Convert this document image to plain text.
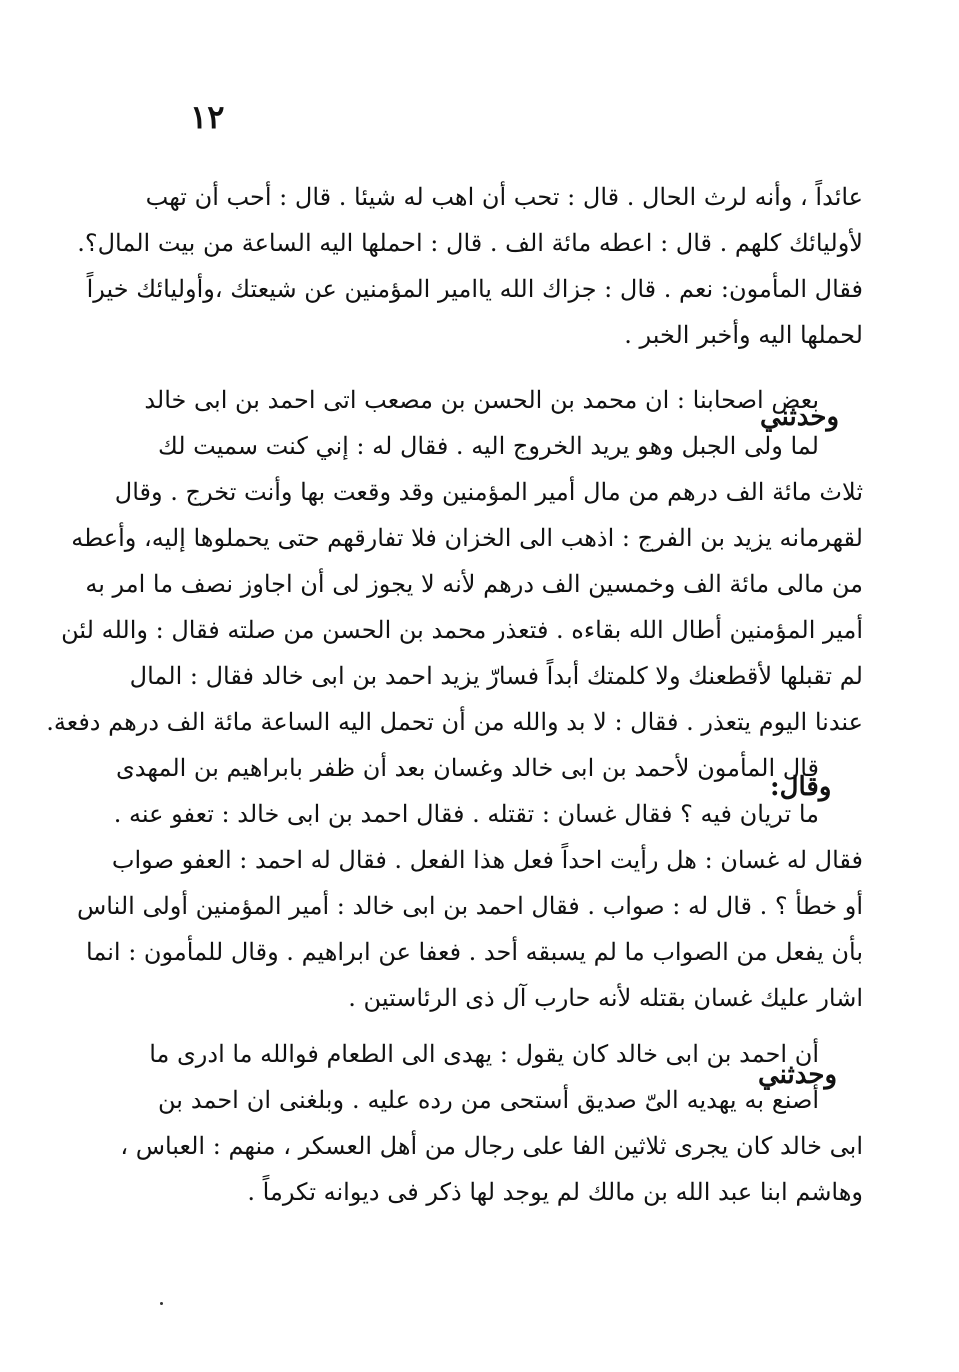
١٢
عائداً ، وأنه لرث الحال . قال : تحب أن اهب له شيئا . قال : أحب أن تهب
لأوليائك كلهم . قال : اعطه مائة الف . قال : احملها اليه الساعة من بيت المال؟.
فقال المأمون: نعم . قال : جزاك الله ياامير المؤمنين عن شيعتك ،وأوليائك خيراً
لحملها اليه وأخبر الخبر .
وحدثني
بعض اصحابنا : ان محمد بن الحسن بن مصعب اتى احمد بن ابى خالد
لما ولى الجبل وهو يريد الخروج اليه . فقال له : إني كنت سميت لك
ثلاث مائة الف درهم من مال أمير المؤمنين وقد وقعت بها وأنت تخرج . وقال
لقهرمانه يزيد بن الفرج : اذهب الى الخزان فلا تفارقهم حتى يحملوها إليه، وأعطه
من مالى مائة الف وخمسين الف درهم لأنه لا يجوز لى أن اجاوز نصف ما امر به
أمير المؤمنين أطال الله بقاءه . فتعذر محمد بن الحسن من صلته فقال : والله لئن
لم تقبلها لأقطعنك ولا كلمتك أبداً فسارّ يزيد احمد بن ابى خالد فقال : المال
عندنا اليوم يتعذر . فقال : لا بد والله من أن تحمل اليه الساعة مائة الف درهم دفعة.
وقال:
قال المأمون لأحمد بن ابى خالد وغسان بعد أن ظفر بابراهيم بن المهدى
ما تريان فيه ؟ فقال غسان : تقتله . فقال احمد بن ابى خالد : تعفو عنه .
فقال له غسان : هل رأيت احداً فعل هذا الفعل . فقال له احمد : العفو صواب
أو خطأ ؟ . قال له : صواب . فقال احمد بن ابى خالد : أمير المؤمنين أولى الناس
بأن يفعل من الصواب ما لم يسبقه أحد . فعفا عن ابراهيم . وقال للمأمون : انما
اشار عليك غسان بقتله لأنه حارب آل ذى الرئاستين .
وحدثني
أن احمد بن ابى خالد كان يقول : يهدى الى الطعام فوالله ما ادرى ما
أصنع به يهديه الىّ صديق أستحى من رده عليه . وبلغنى ان احمد بن
ابى خالد كان يجرى ثلاثين الفا على رجال من أهل العسكر ، منهم : العباس ،
وهاشم ابنا عبد الله بن مالك لم يوجد لها ذكر فى ديوانه تكرماً .
